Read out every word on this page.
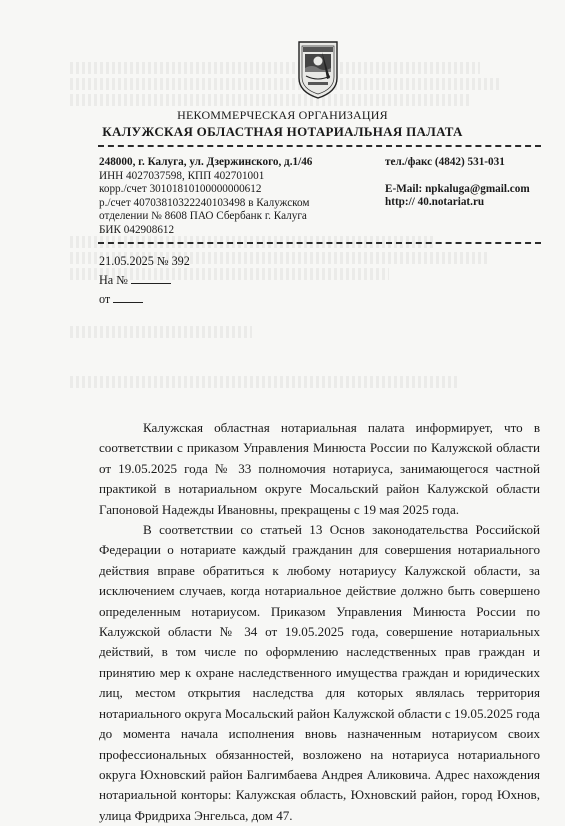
НЕКОММЕРЧЕСКАЯ ОРГАНИЗАЦИЯ
КАЛУЖСКАЯ ОБЛАСТНАЯ НОТАРИАЛЬНАЯ ПАЛАТА
248000, г. Калуга, ул. Дзержинского, д.1/46
ИНН 4027037598, КПП 402701001
корр./счет 30101810100000000612
р./счет 40703810322240103498 в Калужском
отделении № 8608 ПАО Сбербанк г. Калуга
БИК 042908612
тел./факс (4842) 531-031
E-Mail: npkaluga@gmail.com
http:// 40.notariat.ru
21.05.2025 № 392
На №
от

Калужская областная нотариальная палата информирует, что в соответствии с приказом Управления Минюста России по Калужской области от 19.05.2025 года № 33 полномочия нотариуса, занимающегося частной практикой в нотариальном округе Мосальский район Калужской области Гапоновой Надежды Ивановны, прекращены с 19 мая 2025 года.

В соответствии со статьей 13 Основ законодательства Российской Федерации о нотариате каждый гражданин для совершения нотариального действия вправе обратиться к любому нотариусу Калужской области, за исключением случаев, когда нотариальное действие должно быть совершено определенным нотариусом. Приказом Управления Минюста России по Калужской области № 34 от 19.05.2025 года, совершение нотариальных действий, в том числе по оформлению наследственных прав граждан и принятию мер к охране наследственного имущества граждан и юридических лиц, местом открытия наследства для которых являлась территория нотариального округа Мосальский район Калужской области с 19.05.2025 года до момента начала исполнения вновь назначенным нотариусом своих профессиональных обязанностей, возложено на нотариуса нотариального округа Юхновский район Балгимбаева Андрея Аликовича. Адрес нахождения нотариальной конторы: Калужская область, Юхновский район, город Юхнов, улица Фридриха Энгельса, дом 47.
